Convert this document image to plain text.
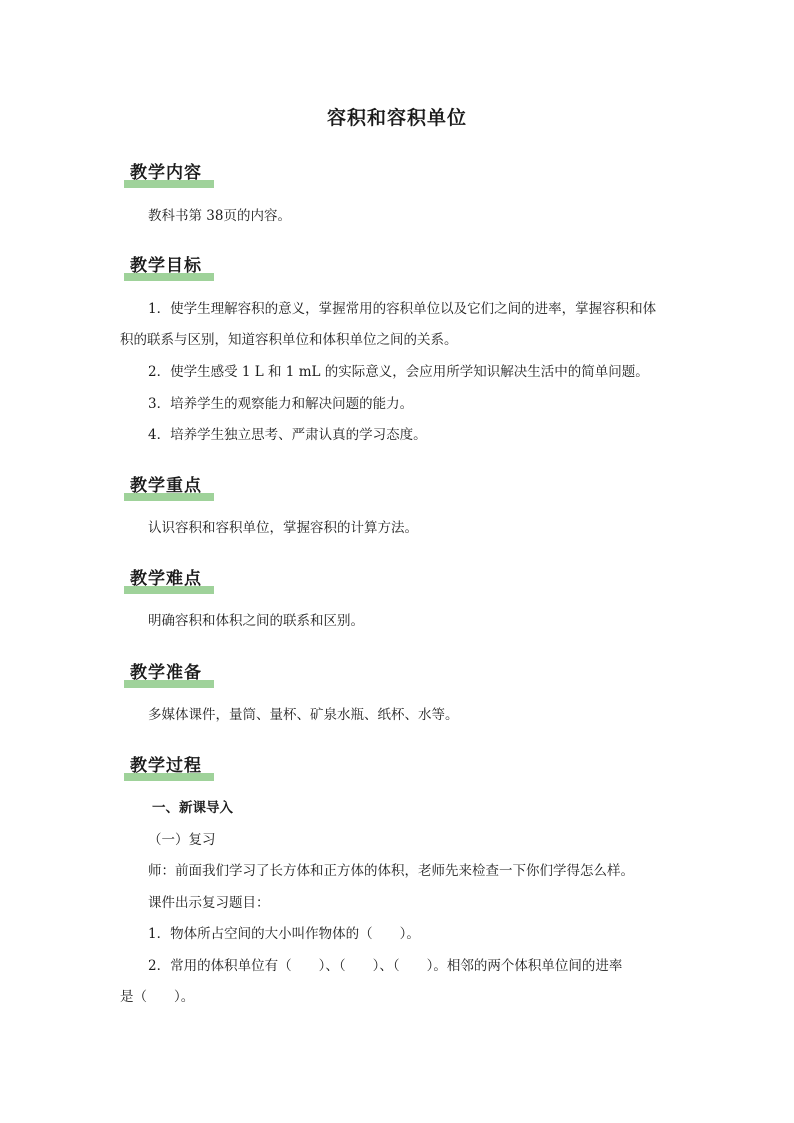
容积和容积单位
教学内容
教科书第 38页的内容。
教学目标
1．使学生理解容积的意义，掌握常用的容积单位以及它们之间的进率，掌握容积和体
积的联系与区别，知道容积单位和体积单位之间的关系。
2．使学生感受 1 L 和 1 mL 的实际意义，会应用所学知识解决生活中的简单问题。
3．培养学生的观察能力和解决问题的能力。
4．培养学生独立思考、严肃认真的学习态度。
教学重点
认识容积和容积单位，掌握容积的计算方法。
教学难点
明确容积和体积之间的联系和区别。
教学准备
多媒体课件，量筒、量杯、矿泉水瓶、纸杯、水等。
教学过程
一、新课导入
（一）复习
师：前面我们学习了长方体和正方体的体积，老师先来检查一下你们学得怎么样。
课件出示复习题目：
1．物体所占空间的大小叫作物体的（　　）。
2．常用的体积单位有（　　）、（　　）、（　　）。相邻的两个体积单位间的进率
是（　　）。
